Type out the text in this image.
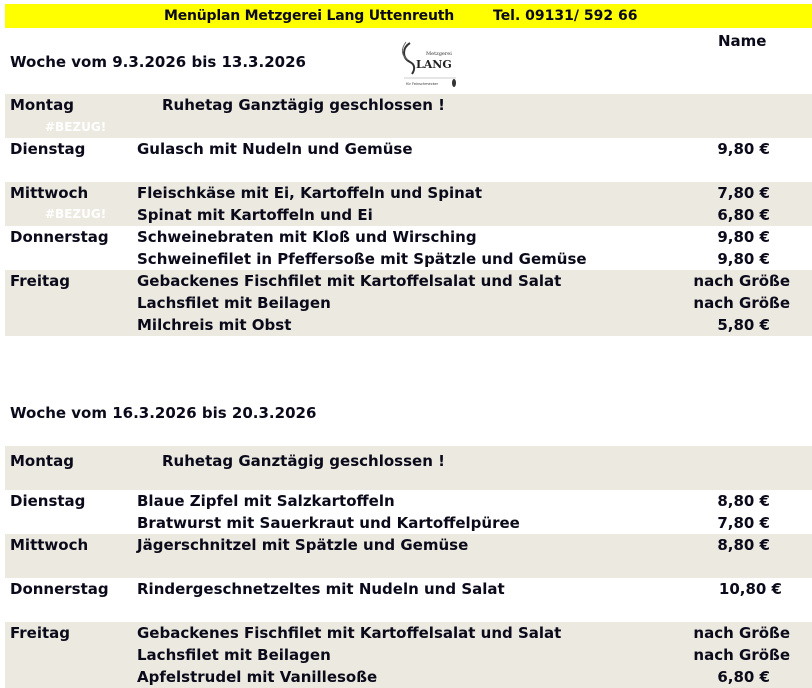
Menüplan Metzgerei Lang Uttenreuth	Tel. 09131/ 592 66
Name
Metzgerei
LANG
für Feinschmecker
Woche vom 9.3.2026 bis 13.3.2026
Montag	Ruhetag Ganztägig geschlossen !
#BEZUG!
Dienstag	Gulasch mit Nudeln und Gemüse	9,80 €
Mittwoch	Fleischkäse mit Ei, Kartoffeln und Spinat	7,80 €
#BEZUG! Spinat mit Kartoffeln und Ei	6,80 €
Donnerstag Schweinebraten mit Kloß und Wirsching	9,80 €
Schweinefilet in Pfeffersoße mit Spätzle und Gemüse	9,80 €
Freitag	Gebackenes Fischfilet mit Kartoffelsalat und Salat	nach Größe
Lachsfilet mit Beilagen	nach Größe
Milchreis mit Obst	5,80 €
Woche vom 16.3.2026 bis 20.3.2026
Montag	Ruhetag Ganztägig geschlossen !
Dienstag	Blaue Zipfel mit Salzkartoffeln	8,80 €
Bratwurst mit Sauerkraut und Kartoffelpüree	7,80 €
Mittwoch	Jägerschnitzel mit Spätzle und Gemüse	8,80 €
Donnerstag Rindergeschnetzeltes mit Nudeln und Salat	10,80 €
Freitag	Gebackenes Fischfilet mit Kartoffelsalat und Salat	nach Größe
Lachsfilet mit Beilagen	nach Größe
Apfelstrudel mit Vanillesoße	6,80 €
